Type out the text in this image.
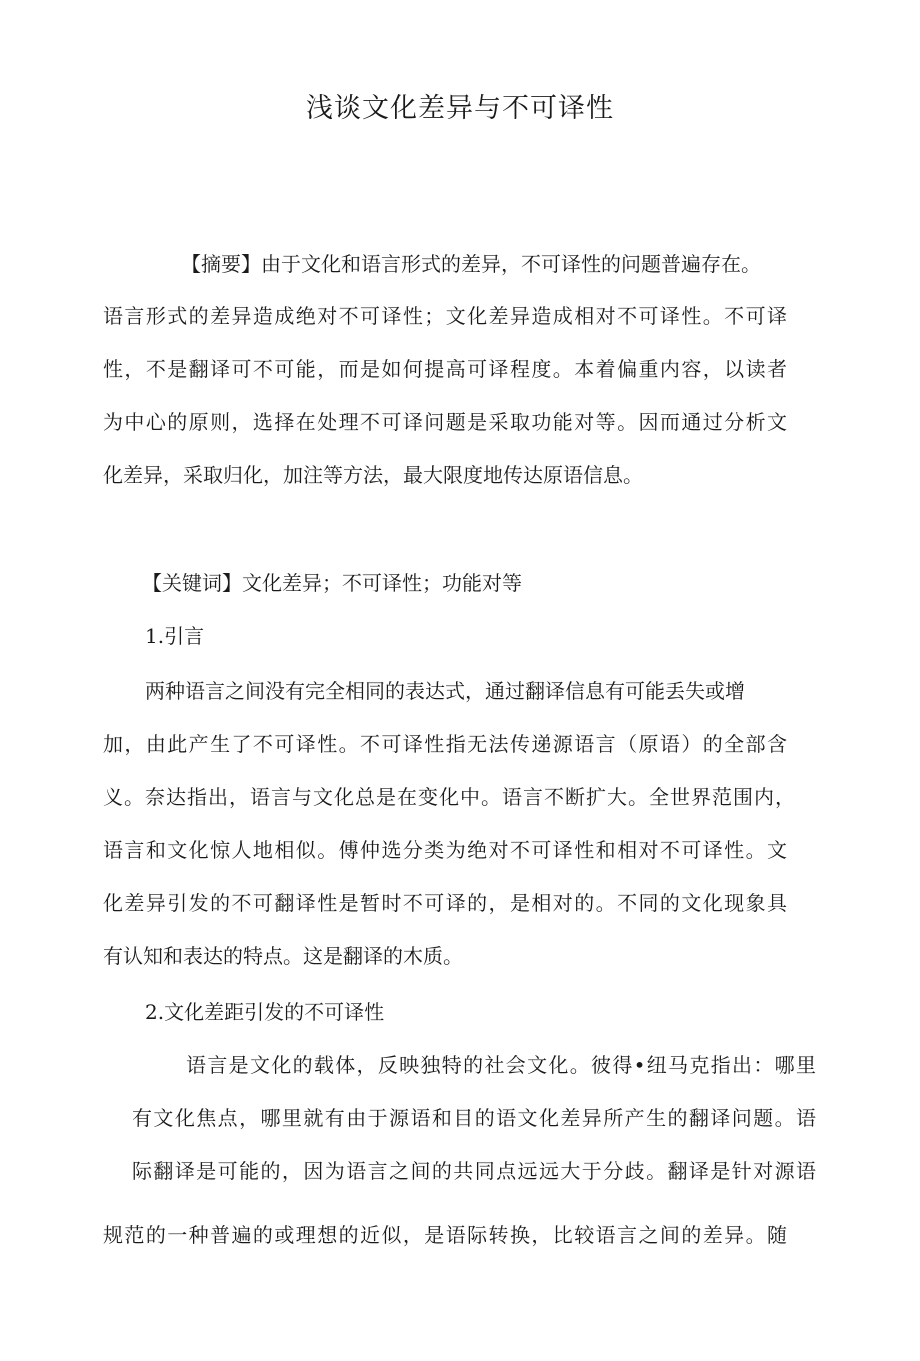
浅谈文化差异与不可译性
【摘要】由于文化和语言形式的差异，不可译性的问题普遍存在。
语言形式的差异造成绝对不可译性；文化差异造成相对不可译性。不可译
性，不是翻译可不可能，而是如何提高可译程度。本着偏重内容，以读者
为中心的原则，选择在处理不可译问题是采取功能对等。因而通过分析文
化差异，采取归化，加注等方法，最大限度地传达原语信息。
【关键词】文化差异；不可译性；功能对等
1.引言
两种语言之间没有完全相同的表达式，通过翻译信息有可能丢失或增
加，由此产生了不可译性。不可译性指无法传递源语言（原语）的全部含
义。奈达指出，语言与文化总是在变化中。语言不断扩大。全世界范围内，
语言和文化惊人地相似。傅仲选分类为绝对不可译性和相对不可译性。文
化差异引发的不可翻译性是暂时不可译的，是相对的。不同的文化现象具
有认知和表达的特点。这是翻译的木质。
2.文化差距引发的不可译性
语言是文化的载体，反映独特的社会文化。彼得•纽马克指出：哪里
有文化焦点，哪里就有由于源语和目的语文化差异所产生的翻译问题。语
际翻译是可能的，因为语言之间的共同点远远大于分歧。翻译是针对源语
规范的一种普遍的或理想的近似，是语际转换，比较语言之间的差异。随
